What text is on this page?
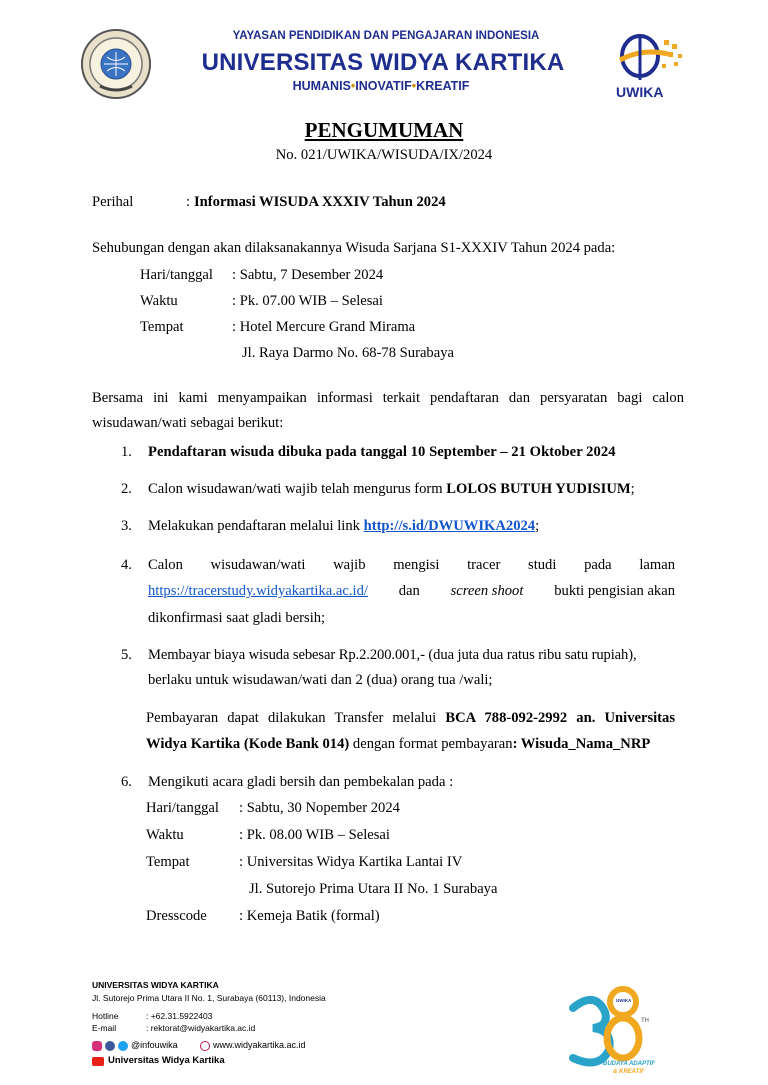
YAYASAN PENDIDIKAN DAN PENGAJARAN INDONESIA
UNIVERSITAS WIDYA KARTIKA
HUMANIS•INOVATIF•KREATIF	UWIKA
PENGUMUMAN
No. 021/UWIKA/WISUDA/IX/2024
Perihal	: Informasi WISUDA XXXIV Tahun 2024
Sehubungan dengan akan dilaksanakannya Wisuda Sarjana S1-XXXIV Tahun 2024 pada:
Hari/tanggal : Sabtu, 7 Desember 2024
Waktu	: Pk. 07.00 WIB – Selesai
Tempat	: Hotel Mercure Grand Mirama
Jl. Raya Darmo No. 68-78 Surabaya
Bersama ini kami menyampaikan informasi terkait pendaftaran dan persyaratan bagi calon
wisudawan/wati sebagai berikut:
1. Pendaftaran wisuda dibuka pada tanggal 10 September – 21 Oktober 2024
2. Calon wisudawan/wati wajib telah mengurus form LOLOS BUTUH YUDISIUM;
3. Melakukan pendaftaran melalui link http://s.id/DWUWIKA2024;
4. Calon wisudawan/wati wajib mengisi tracer studi pada laman
https://tracerstudy.widyakartika.ac.id/ dan screen shoot bukti pengisian akan
dikonfirmasi saat gladi bersih;
5. Membayar biaya wisuda sebesar Rp.2.200.001,- (dua juta dua ratus ribu satu rupiah),
berlaku untuk wisudawan/wati dan 2 (dua) orang tua /wali;
Pembayaran dapat dilakukan Transfer melalui BCA 788-092-2992 an. Universitas
Widya Kartika (Kode Bank 014) dengan format pembayaran: Wisuda_Nama_NRP
6. Mengikuti acara gladi bersih dan pembekalan pada :
Hari/tanggal : Sabtu, 30 Nopember 2024
Waktu	: Pk. 08.00 WIB – Selesai
Tempat	: Universitas Widya Kartika Lantai IV
Jl. Sutorejo Prima Utara II No. 1 Surabaya
Dresscode : Kemeja Batik (formal)
UNIVERSITAS WIDYA KARTIKA
Jl. Sutorejo Prima Utara II No. 1, Surabaya (60113), Indonesia
Hotline	: +62.31.5922403
E-mail	: rektorat@widyakartika.ac.id
@infouwika	www.widyakartika.ac.id
Universitas Widya Kartika
UWIKA
TH
BUDAYA ADAPTIF
& KREATIF
